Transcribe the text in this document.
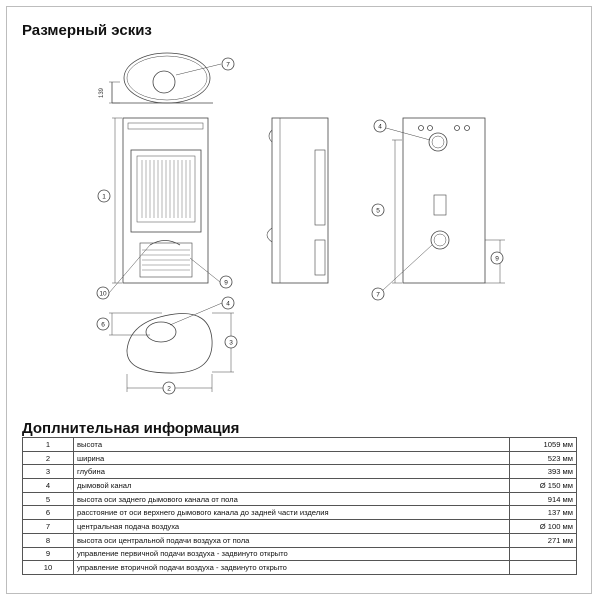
Размерный эскиз
139
7
1
9
10
4
6
3
2
4
5
9
7
Доплнительная информация
1	высота	1059 мм
2	ширина	523 мм
3	глубина	393 мм
4	дымовой канал	Ø 150 мм
5	высота оси заднего дымового канала от пола	914 мм
6	расстояние от оси верхнего дымового канала до задней части изделия	137 мм
7	центральная подача воздуха	Ø 100 мм
8	высота оси центральной подачи воздуха от пола	271 мм
9	управление первичной подачи воздуха - задвинуто открыто	
10	управление вторичной подачи воздуха - задвинуто открыто	
